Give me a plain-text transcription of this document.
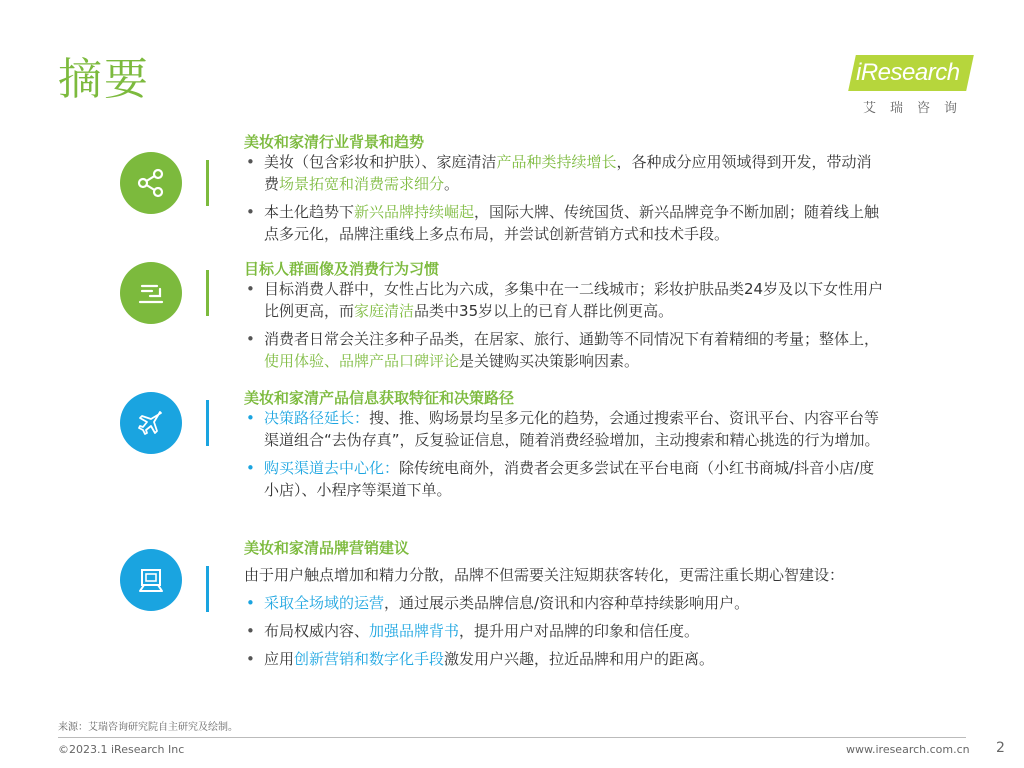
摘要	iResearch
艾瑞咨询
美妆和家清行业背景和趋势
• 美妆（包含彩妆和护肤）、家庭清洁产品种类持续增长，各种成分应用领域得到开发，带动消费场景拓宽和消费需求细分。
• 本土化趋势下新兴品牌持续崛起，国际大牌、传统国货、新兴品牌竞争不断加剧；随着线上触点多元化，品牌注重线上多点布局，并尝试创新营销方式和技术手段。
目标人群画像及消费行为习惯
• 目标消费人群中，女性占比为六成，多集中在一二线城市；彩妆护肤品类24岁及以下女性用户比例更高，而家庭清洁品类中35岁以上的已育人群比例更高。
• 消费者日常会关注多种子品类，在居家、旅行、通勤等不同情况下有着精细的考量；整体上，使用体验、品牌产品口碑评论是关键购买决策影响因素。
美妆和家清产品信息获取特征和决策路径
• 决策路径延长：搜、推、购场景均呈多元化的趋势，会通过搜索平台、资讯平台、内容平台等渠道组合“去伪存真”，反复验证信息，随着消费经验增加，主动搜索和精心挑选的行为增加。
• 购买渠道去中心化：除传统电商外，消费者会更多尝试在平台电商（小红书商城/抖音小店/度小店）、小程序等渠道下单。
美妆和家清品牌营销建议
由于用户触点增加和精力分散，品牌不但需要关注短期获客转化，更需注重长期心智建设：
• 采取全场域的运营，通过展示类品牌信息/资讯和内容种草持续影响用户。
• 布局权威内容、加强品牌背书，提升用户对品牌的印象和信任度。
• 应用创新营销和数字化手段激发用户兴趣，拉近品牌和用户的距离。
来源：艾瑞咨询研究院自主研究及绘制。
©2023.1 iResearch Inc	www.iresearch.com.cn 2
